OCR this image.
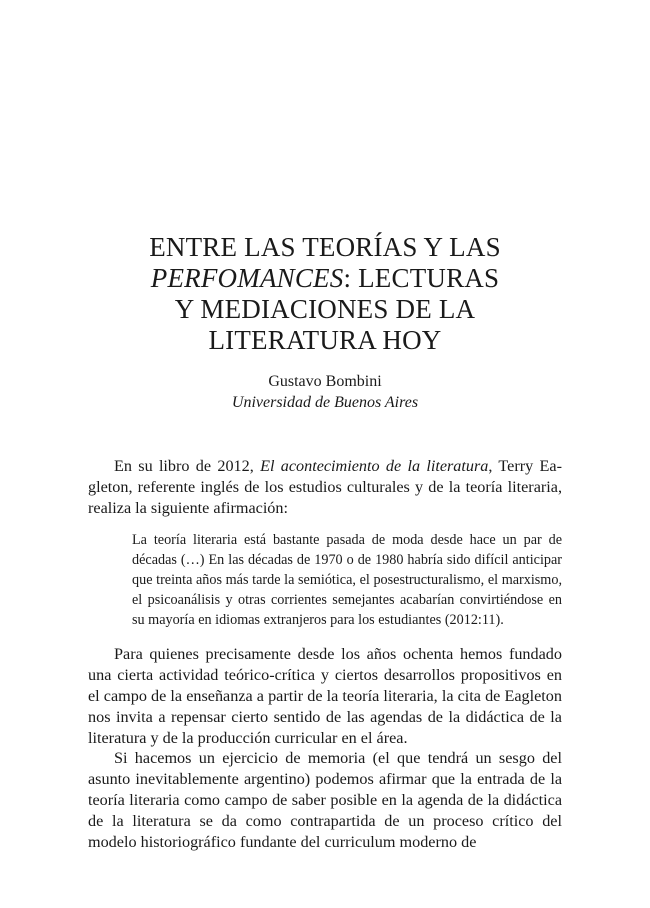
ENTRE LAS TEORÍAS Y LAS
PERFOMANCES: LECTURAS
Y MEDIACIONES DE LA
LITERATURA HOY
Gustavo Bombini
Universidad de Buenos Aires

En su libro de 2012, El acontecimiento de la literatura, Terry Eagleton, referente inglés de los estudios culturales y de la teoría literaria, realiza la siguiente afirmación:

La teoría literaria está bastante pasada de moda desde hace un par de décadas (…) En las décadas de 1970 o de 1980 habría sido difícil anticipar que treinta años más tarde la semiótica, el posestructuralismo, el marxismo, el psicoanálisis y otras corrientes semejantes acabarían convirtiéndose en su mayoría en idiomas extranjeros para los estudiantes (2012:11).

Para quienes precisamente desde los años ochenta hemos fundado una cierta actividad teórico-crítica y ciertos desarrollos propositivos en el campo de la enseñanza a partir de la teoría literaria, la cita de Eagleton nos invita a repensar cierto sentido de las agendas de la didáctica de la literatura y de la producción curricular en el área.

Si hacemos un ejercicio de memoria (el que tendrá un sesgo del asunto inevitablemente argentino) podemos afirmar que la entrada de la teoría literaria como campo de saber posible en la agenda de la didáctica de la literatura se da como contrapartida de un proceso crítico del modelo historiográfico fundante del curriculum moderno de
